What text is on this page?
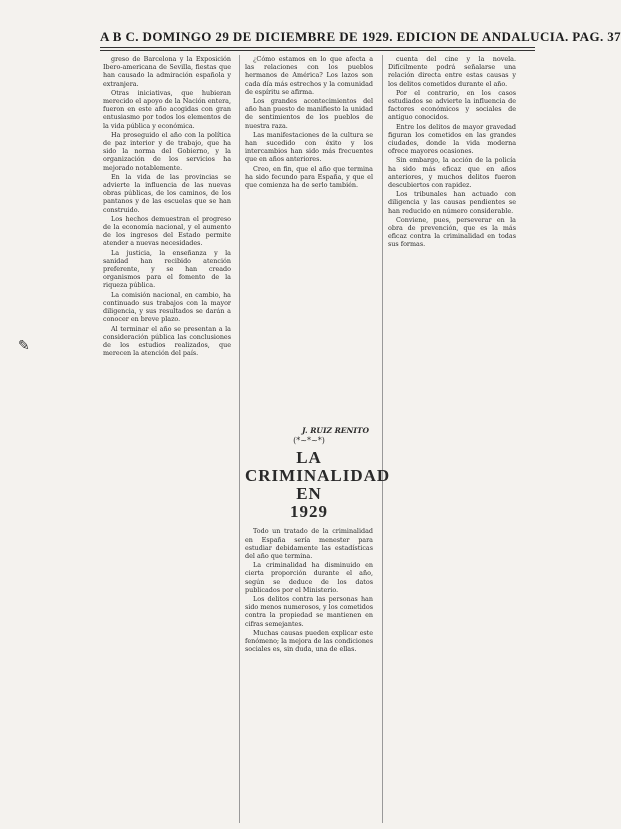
A B C. DOMINGO 29 DE DICIEMBRE DE 1929. EDICION DE ANDALUCIA. PAG. 37
✎

greso de Barcelona y la Exposición Ibero-americana de Sevilla, fiestas que han causado la admiración española y extranjera.

Otras iniciativas, que hubieran merecido el apoyo de la Nación entera, fueron en este año acogidas con gran entusiasmo por todos los elementos de la vida pública y económica.

Ha proseguido el año con la política de paz interior y de trabajo, que ha sido la norma del Gobierno, y la organización de los servicios ha mejorado notablemente.

En la vida de las provincias se advierte la influencia de las nuevas obras públicas, de los caminos, de los pantanos y de las escuelas que se han construido.

Los hechos demuestran el progreso de la economía nacional, y el aumento de los ingresos del Estado permite atender a nuevas necesidades.

La justicia, la enseñanza y la sanidad han recibido atención preferente, y se han creado organismos para el fomento de la riqueza pública.

La comisión nacional, en cambio, ha continuado sus trabajos con la mayor diligencia, y sus resultados se darán a conocer en breve plazo.

Al terminar el año se presentan a la consideración pública las conclusiones de los estudios realizados, que merecen la atención del país.

¿Cómo estamos en lo que afecta a las relaciones con los pueblos hermanos de América? Los lazos son cada día más estrechos y la comunidad de espíritu se afirma.

Los grandes acontecimientos del año han puesto de manifiesto la unidad de sentimientos de los pueblos de nuestra raza.

Las manifestaciones de la cultura se han sucedido con éxito y los intercambios han sido más frecuentes que en años anteriores.

Creo, en fin, que el año que termina ha sido fecundo para España, y que el que comienza ha de serlo también.

J. RUIZ RENITO
(*~*~*)
LA CRIMINALIDAD EN
1929

Todo un tratado de la criminalidad en España sería menester para estudiar debidamente las estadísticas del año que termina.

La criminalidad ha disminuido en cierta proporción durante el año, según se deduce de los datos publicados por el Ministerio.

Los delitos contra las personas han sido menos numerosos, y los cometidos contra la propiedad se mantienen en cifras semejantes.

Muchas causas pueden explicar este fenómeno; la mejora de las condiciones sociales es, sin duda, una de ellas.

cuenta del cine y la novela. Difícilmente podrá señalarse una relación directa entre estas causas y los delitos cometidos durante el año.

Por el contrario, en los casos estudiados se advierte la influencia de factores económicos y sociales de antiguo conocidos.

Entre los delitos de mayor gravedad figuran los cometidos en las grandes ciudades, donde la vida moderna ofrece mayores ocasiones.

Sin embargo, la acción de la policía ha sido más eficaz que en años anteriores, y muchos delitos fueron descubiertos con rapidez.

Los tribunales han actuado con diligencia y las causas pendientes se han reducido en número considerable.

Conviene, pues, perseverar en la obra de prevención, que es la más eficaz contra la criminalidad en todas sus formas.
